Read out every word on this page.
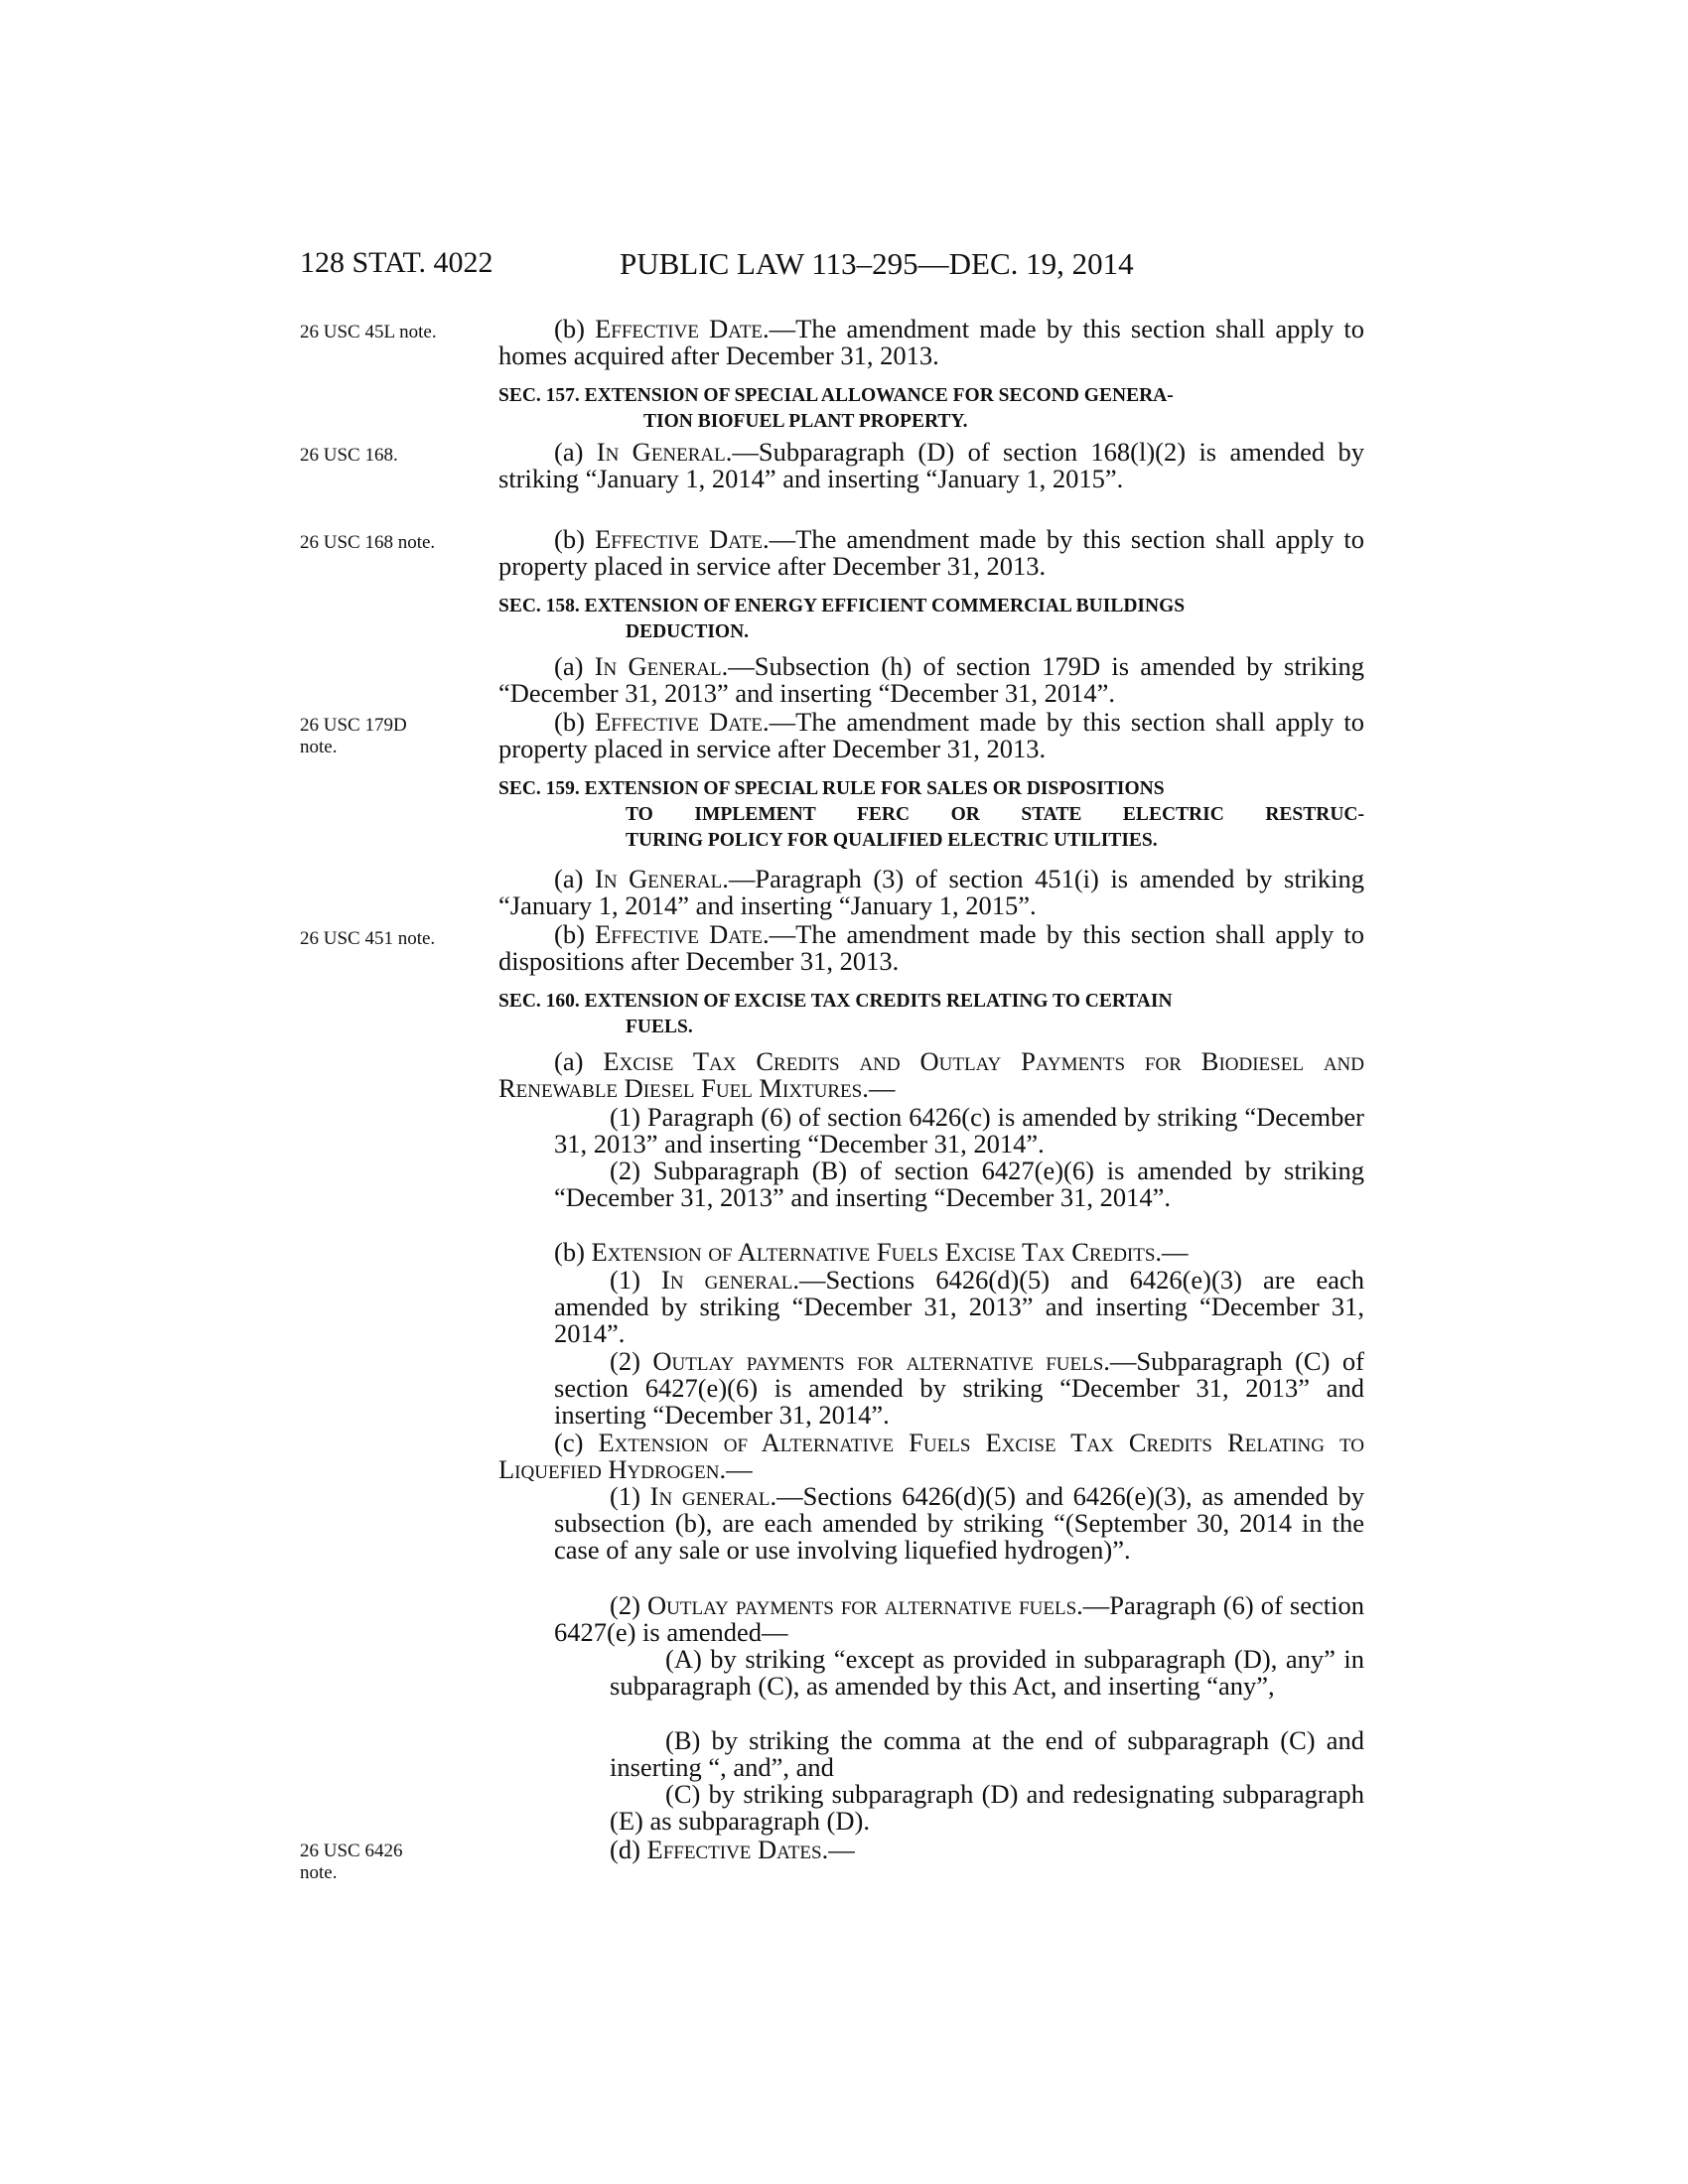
128 STAT. 4022	PUBLIC LAW 113–295—DEC. 19, 2014
26 USC 45L note.
26 USC 168.
26 USC 168 note.
26 USC 179D
note.
26 USC 451 note.
26 USC 6426
note.

(b) Effective Date.—The amendment made by this section shall apply to homes acquired after December 31, 2013.

SEC. 157. EXTENSION OF SPECIAL ALLOWANCE FOR SECOND GENERA-
TION BIOFUEL PLANT PROPERTY.

(a) In General.—Subparagraph (D) of section 168(l)(2) is amended by striking “January 1, 2014” and inserting “January 1, 2015”.

(b) Effective Date.—The amendment made by this section shall apply to property placed in service after December 31, 2013.

SEC. 158. EXTENSION OF ENERGY EFFICIENT COMMERCIAL BUILDINGS
DEDUCTION.

(a) In General.—Subsection (h) of section 179D is amended by striking “December 31, 2013” and inserting “December 31, 2014”.

(b) Effective Date.—The amendment made by this section shall apply to property placed in service after December 31, 2013.

SEC. 159. EXTENSION OF SPECIAL RULE FOR SALES OR DISPOSITIONS
TO IMPLEMENT FERC OR STATE ELECTRIC RESTRUC-
TURING POLICY FOR QUALIFIED ELECTRIC UTILITIES.

(a) In General.—Paragraph (3) of section 451(i) is amended by striking “January 1, 2014” and inserting “January 1, 2015”.

(b) Effective Date.—The amendment made by this section shall apply to dispositions after December 31, 2013.

SEC. 160. EXTENSION OF EXCISE TAX CREDITS RELATING TO CERTAIN
FUELS.

(a) Excise Tax Credits and Outlay Payments for Biodiesel and Renewable Diesel Fuel Mixtures.—

(1) Paragraph (6) of section 6426(c) is amended by striking “December 31, 2013” and inserting “December 31, 2014”.

(2) Subparagraph (B) of section 6427(e)(6) is amended by striking “December 31, 2013” and inserting “December 31, 2014”.

(b) Extension of Alternative Fuels Excise Tax Credits.—

(1) In general.—Sections 6426(d)(5) and 6426(e)(3) are each amended by striking “December 31, 2013” and inserting “December 31, 2014”.

(2) Outlay payments for alternative fuels.—Subparagraph (C) of section 6427(e)(6) is amended by striking “December 31, 2013” and inserting “December 31, 2014”.

(c) Extension of Alternative Fuels Excise Tax Credits Relating to Liquefied Hydrogen.—

(1) In general.—Sections 6426(d)(5) and 6426(e)(3), as amended by subsection (b), are each amended by striking “(September 30, 2014 in the case of any sale or use involving liquefied hydrogen)”.

(2) Outlay payments for alternative fuels.—Paragraph (6) of section 6427(e) is amended—

(A) by striking “except as provided in subparagraph (D), any” in subparagraph (C), as amended by this Act, and inserting “any”,

(B) by striking the comma at the end of subparagraph (C) and inserting “, and”, and

(C) by striking subparagraph (D) and redesignating subparagraph (E) as subparagraph (D).

(d) Effective Dates.—
